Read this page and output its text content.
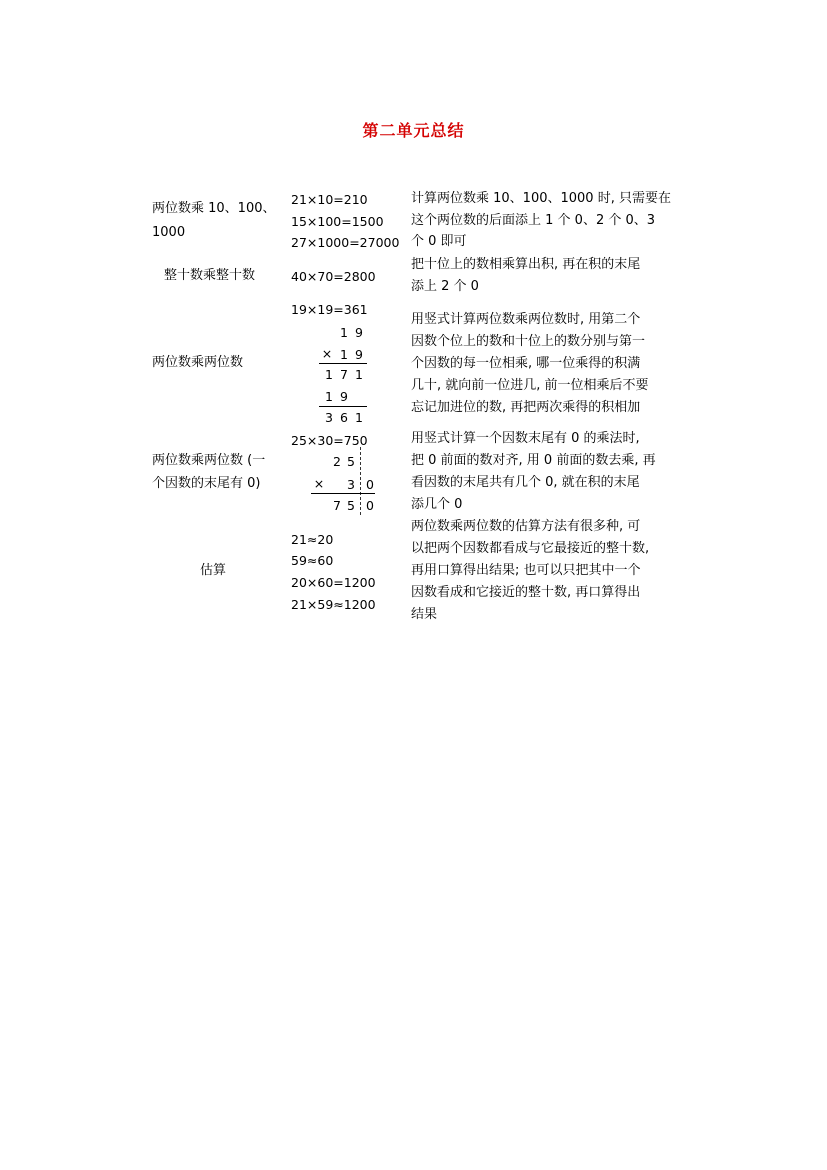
第二单元总结
两位数乘 10、100、
1000
21×10=210
15×100=1500
27×1000=27000
计算两位数乘 10、100、1000 时, 只需要在
这个两位数的后面添上 1 个 0、2 个 0、3
个 0 即可
整十数乘整十数	40×70=2800
把十位上的数相乘算出积, 再在积的末尾
添上 2 个 0
两位数乘两位数
19×19=361
1 9
× 1 9
1 7 1
1 9
3 6 1
用竖式计算两位数乘两位数时, 用第二个
因数个位上的数和十位上的数分别与第一
个因数的每一位相乘, 哪一位乘得的积满
几十, 就向前一位进几, 前一位相乘后不要
忘记加进位的数, 再把两次乘得的积相加
两位数乘两位数 (一
个因数的末尾有 0)
25×30=750
2 5
× 3 0
7 5 0
用竖式计算一个因数末尾有 0 的乘法时,
把 0 前面的数对齐, 用 0 前面的数去乘, 再
看因数的末尾共有几个 0, 就在积的末尾
添几个 0
估算
21≈20
59≈60
20×60=1200
21×59≈1200
两位数乘两位数的估算方法有很多种, 可
以把两个因数都看成与它最接近的整十数,
再用口算得出结果; 也可以只把其中一个
因数看成和它接近的整十数, 再口算得出
结果
